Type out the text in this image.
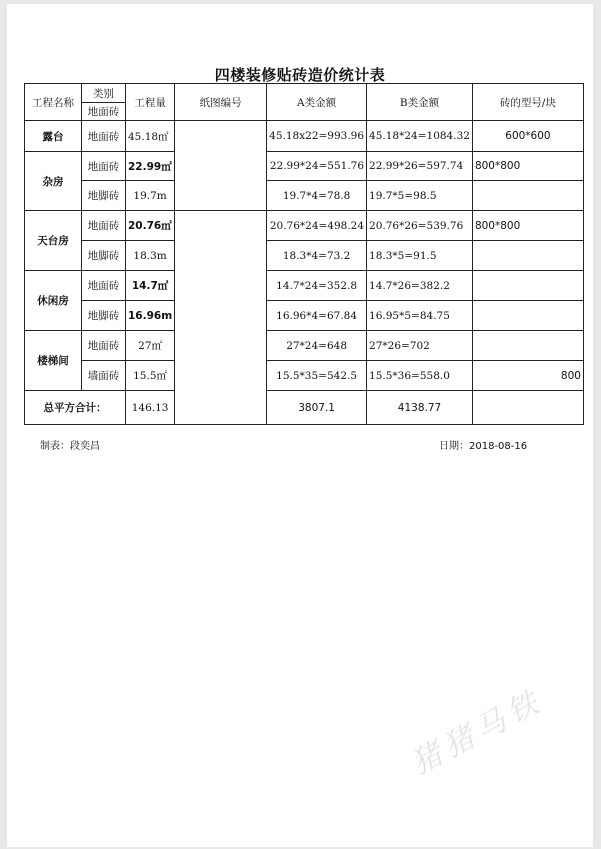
四楼装修贴砖造价统计表
工程名称	类别	工程量	纸图编号	A类金额	B类金额	砖的型号/块
	地面砖					
露台	地面砖	45.18㎡		45.18x22=993.96	45.18*24=1084.32	600*600
杂房	地面砖	22.99㎡		22.99*24=551.76	22.99*26=597.74	800*800
	地脚砖	19.7m		19.7*4=78.8	19.7*5=98.5	
天台房	地面砖	20.76㎡		20.76*24=498.24	20.76*26=539.76	800*800
	地脚砖	18.3m		18.3*4=73.2	18.3*5=91.5	
休闲房	地面砖	14.7㎡		14.7*24=352.8	14.7*26=382.2	
	地脚砖	16.96m		16.96*4=67.84	16.95*5=84.75	
楼梯间	地面砖	27㎡		27*24=648	27*26=702	
	墙面砖	15.5㎡		15.5*35=542.5	15.5*36=558.0	800
总平方合计：		146.13		3807.1	4138.77	
制表：段奕昌	日期：2018-08-16
猪猪马铁
